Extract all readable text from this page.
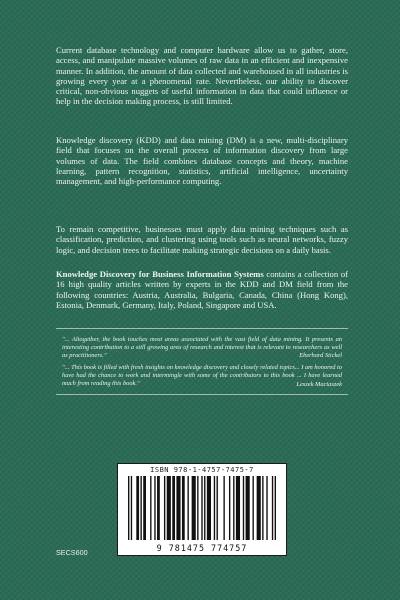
Current database technology and computer hardware allow us to gather, store, access, and manipulate massive volumes of raw data in an efficient and inexpensive manner. In addition, the amount of data collected and warehoused in all industries is growing every year at a phenomenal rate. Nevertheless, our ability to discover critical, non-obvious nuggets of useful information in data that could influence or help in the decision making process, is still limited.
Knowledge discovery (KDD) and data mining (DM) is a new, multi-disciplinary field that focuses on the overall process of information discovery from large volumes of data. The field combines database concepts and theory, machine learning, pattern recognition, statistics, artificial intelligence, uncertainty management, and high-performance computing.
To remain competitive, businesses must apply data mining techniques such as classification, prediction, and clustering using tools such as neural networks, fuzzy logic, and decision trees to facilitate making strategic decisions on a daily basis.
Knowledge Discovery for Business Information Systems contains a collection of 16 high quality articles written by experts in the KDD and DM field from the following countries: Austria, Australia, Bulgaria, Canada, China (Hong Kong), Estonia, Denmark, Germany, Italy, Poland, Singapore and USA.
"... Altogether, the book touches most areas associated with the vast field of data mining. It presents an interesting contribution to a still growing area of research and interest that is relevant to researchers as well as practitioners."	Eberhard Stickel
"... This book is filled with fresh insights on knowledge discovery and closely related topics... I am honored to have had the chance to work and intermingle with some of the contributors to this book ... I have learned much from reading this book."	Leszek Maciaszek
ISBN 978-1-4757-7475-7
9 781475 774757
SECS600
